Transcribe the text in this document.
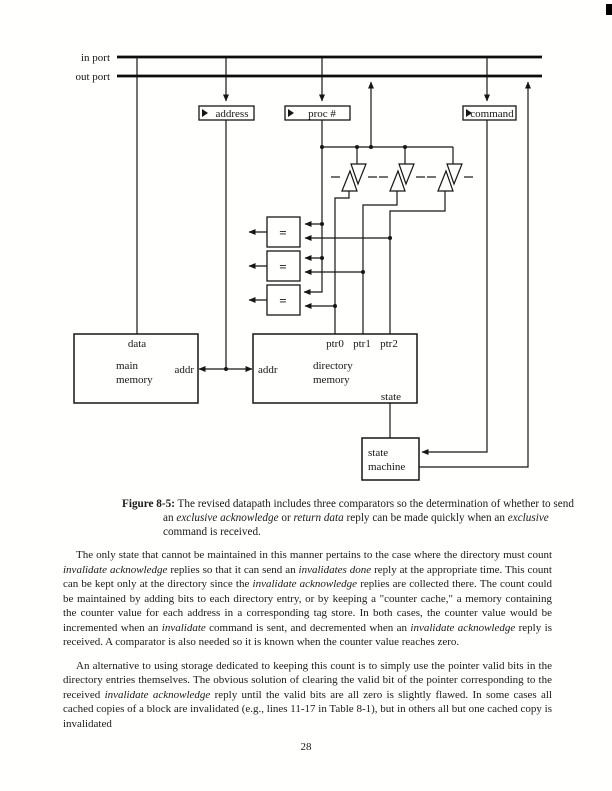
in port
out port
address	proc #	command
=
=
=
data
main
memory
addr	addr	directory
memory
ptr0 ptr1 ptr2
state
state
machine
Figure 8-5: The revised datapath includes three comparators so the determination of whether to send an exclusive acknowledge or return data reply can be made quickly when an exclusive command is received.

The only state that cannot be maintained in this manner pertains to the case where the directory must count invalidate acknowledge replies so that it can send an invalidates done reply at the appropriate time. This count can be kept only at the directory since the invalidate acknowledge replies are collected there. The count could be maintained by adding bits to each directory entry, or by keeping a "counter cache," a memory containing the counter value for each address in a corresponding tag store. In both cases, the counter value would be incremented when an invalidate command is sent, and decremented when an invalidate acknowledge reply is received. A comparator is also needed so it is known when the counter value reaches zero.

An alternative to using storage dedicated to keeping this count is to simply use the pointer valid bits in the directory entries themselves. The obvious solution of clearing the valid bit of the pointer corresponding to the received invalidate acknowledge reply until the valid bits are all zero is slightly flawed. In some cases all cached copies of a block are invalidated (e.g., lines 11-17 in Table 8-1), but in others all but one cached copy is invalidated

28
